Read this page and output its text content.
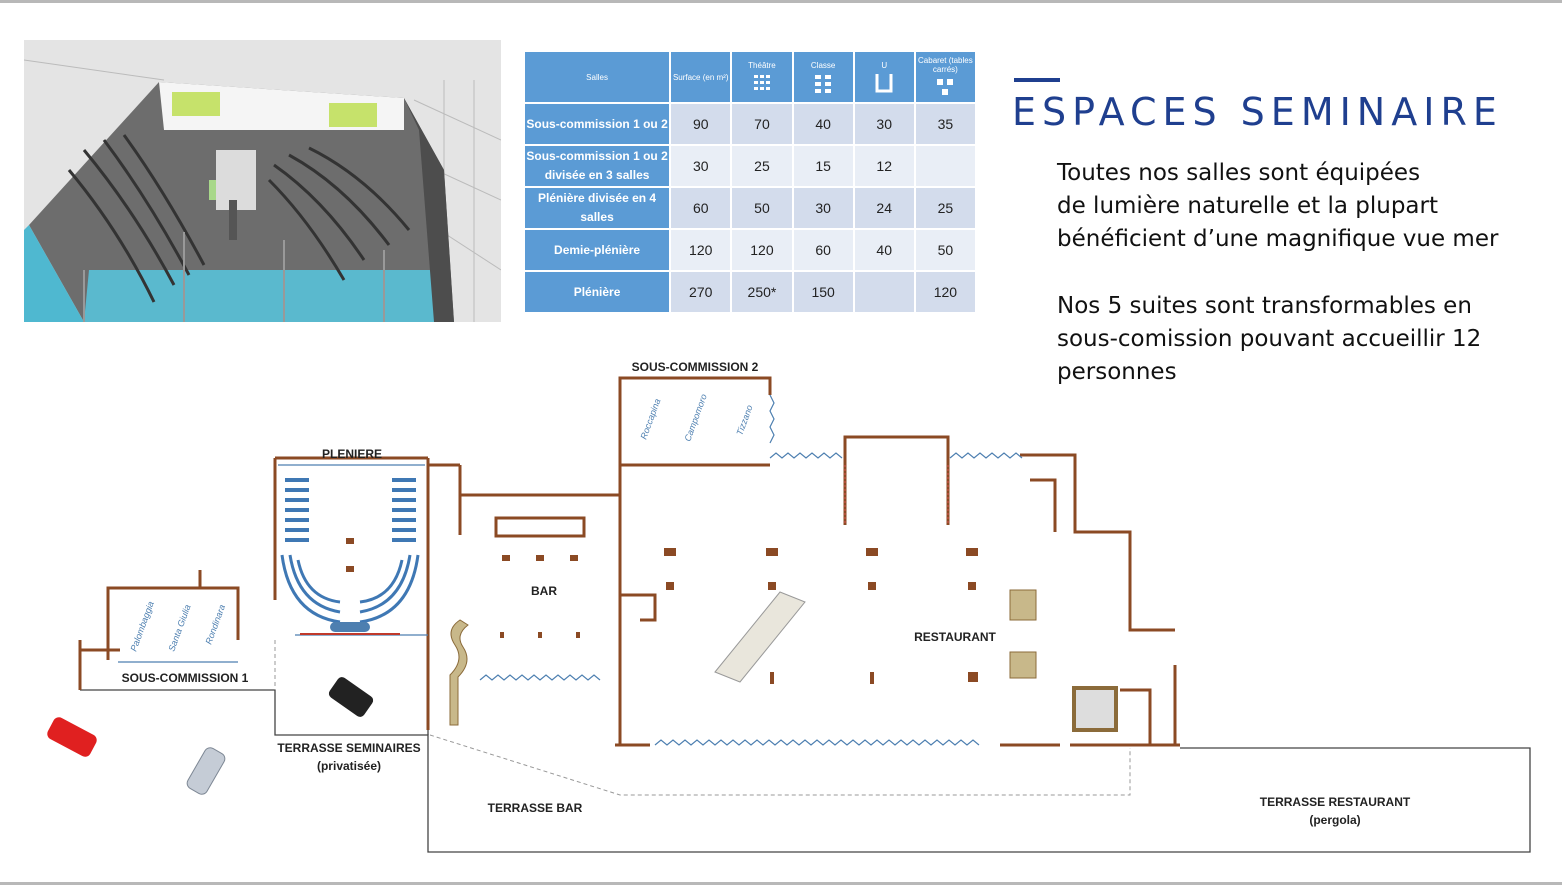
Salles	Surface (en m²)	Théâtre	Classe	U	Cabaret (tables carrés)

Sous-commission 1 ou 2	90	70	40	30	35
Sous-commission 1 ou 2 divisée en 3 salles	30	25	15	12	
Plénière divisée en 4 salles	60	50	30	24	25
Demie-plénière	120	120	60	40	50
Plénière	270	250*	150		120
ESPACES SEMINAIRE
Toutes nos salles sont équipées
de lumière naturelle et la plupart
bénéficient d’une magnifique vue mer
Nos 5 suites sont transformables en
sous-comission pouvant accueillir 12
personnes
PLENIERE
SOUS-COMMISSION 1
SOUS-COMMISSION 2
BAR
RESTAURANT
TERRASSE SEMINAIRES
(privatisée)
TERRASSE BAR	TERRASSE RESTAURANT
(pergola)
Palombaggia Santa Giulia Rondinara
Roccapina Campomoro	Tizzano
